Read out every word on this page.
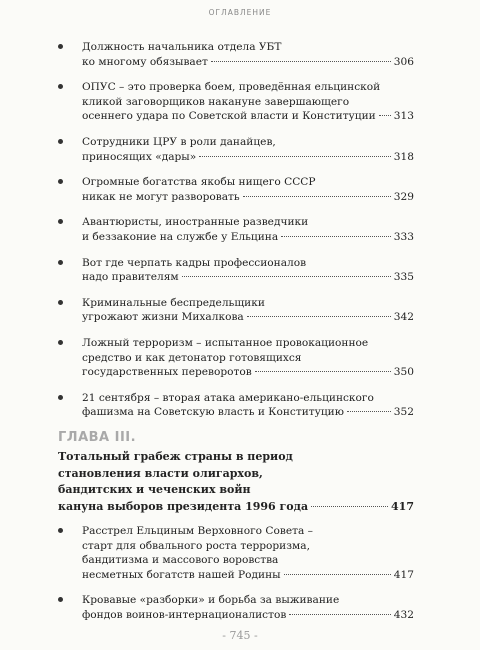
ОГЛАВЛЕНИЕ
Должность начальника отдела УБТ
ко многому обязывает	306
ОПУС – это проверка боем, проведённая ельцинской
кликой заговорщиков накануне завершающего
осеннего удара по Советской власти и Конституции 313
Сотрудники ЦРУ в роли данайцев,
приносящих «дары»	318
Огромные богатства якобы нищего СССР
никак не могут разворовать	329
Авантюристы, иностранные разведчики
и беззаконие на службе у Ельцина	333
Вот где черпать кадры профессионалов
надо правителям	335
Криминальные беспредельщики
угрожают жизни Михалкова	342
Ложный терроризм – испытанное провокационное
средство и как детонатор готовящихся
государственных переворотов	350
21 сентября – вторая атака американо-ельцинского
фашизма на Советскую власть и Конституцию	352
ГЛАВА III.
Тотальный грабеж страны в период
становления власти олигархов,
бандитских и чеченских войн
кануна выборов президента 1996 года	417
Расстрел Ельциным Верховного Совета –
старт для обвального роста терроризма,
бандитизма и массового воровства
несметных богатств нашей Родины	417
Кровавые «разборки» и борьба за выживание
фондов воинов-интернационалистов	432
- 745 -
